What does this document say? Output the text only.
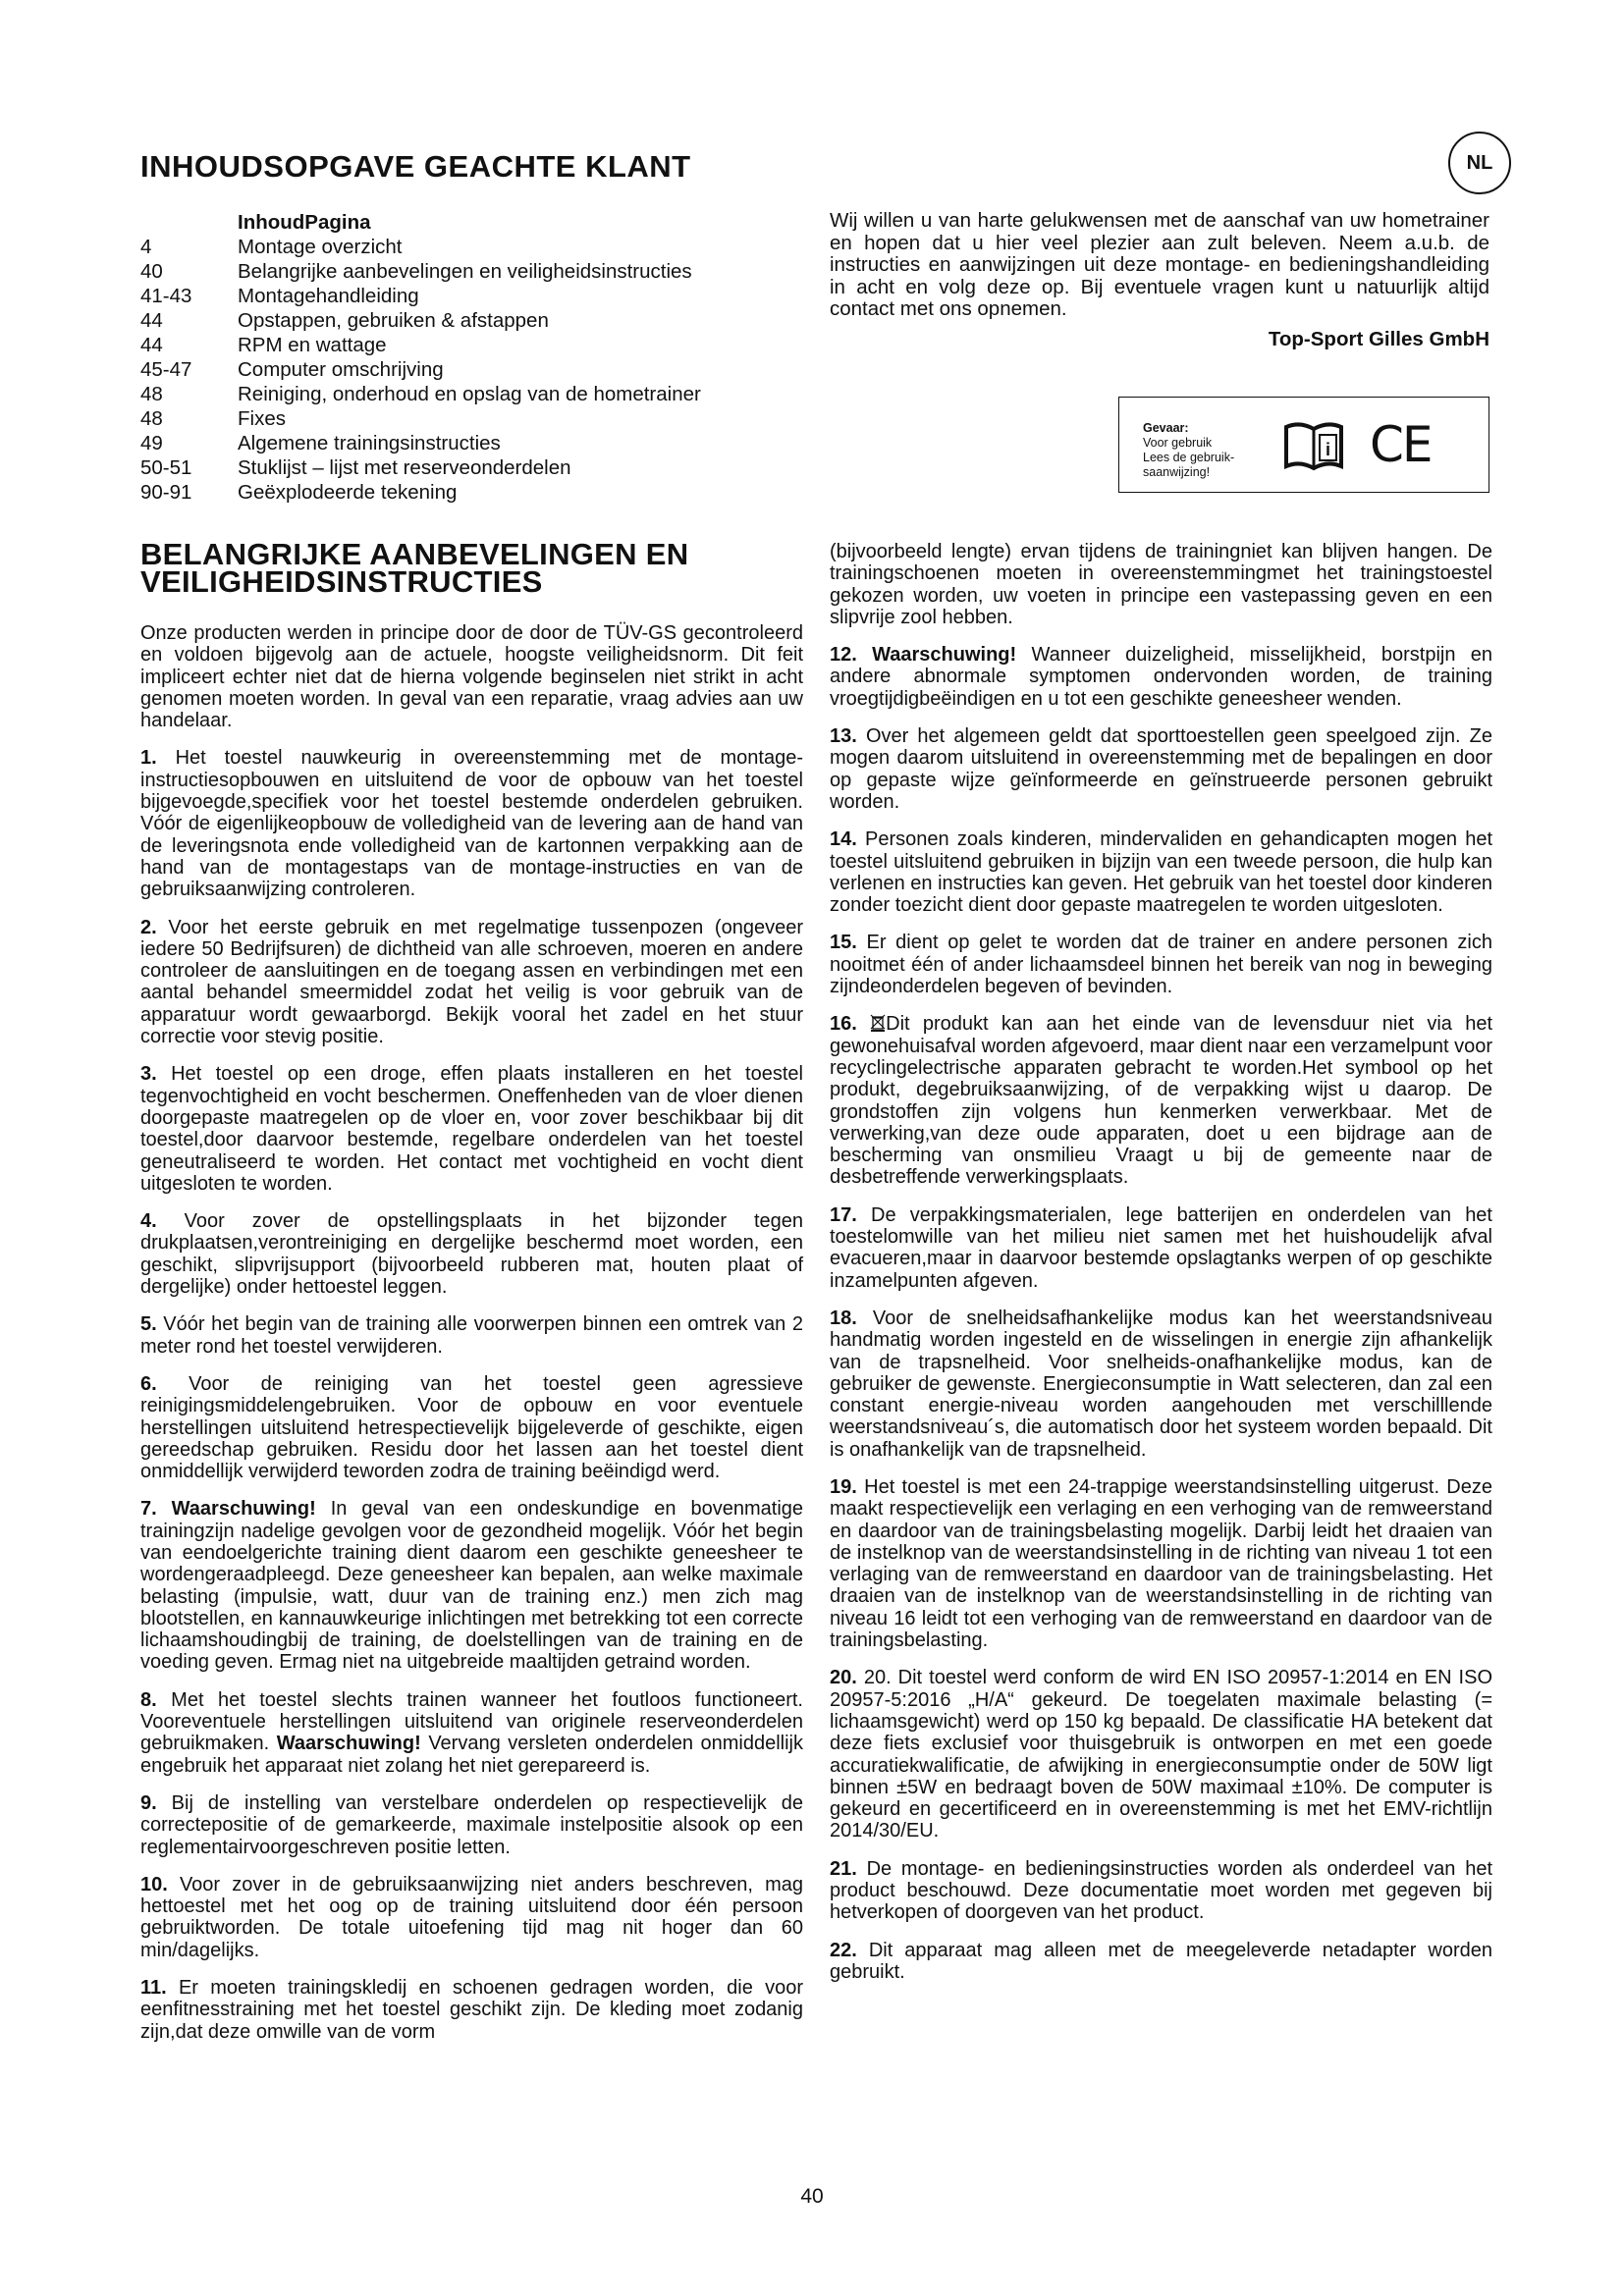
INHOUDSOPGAVE GEACHTE KLANT	NL
InhoudPagina
4	Montage overzicht
40	Belangrijke aanbevelingen en veiligheidsinstructies
41-43	Montagehandleiding
44	Opstappen, gebruiken & afstappen
44	RPM en wattage
45-47	Computer omschrijving
48	Reiniging, onderhoud en opslag van de hometrainer
48	Fixes
49	Algemene trainingsinstructies
50-51	Stuklijst – lijst met reserveonderdelen
90-91	Geëxplodeerde tekening

Wij willen u van harte gelukwensen met de aanschaf van uw hometrainer en hopen dat u hier veel plezier aan zult beleven. Neem a.u.b. de instructies en aanwijzingen uit deze montage- en bedieningshandleiding in acht en volg deze op. Bij eventuele vragen kunt u natuurlijk altijd contact met ons opnemen.

Top-Sport Gilles GmbH

Gevaar:
Voor gebruik
Lees de gebruik-
saanwijzing!
i CE
BELANGRIJKE AANBEVELINGEN EN
VEILIGHEIDSINSTRUCTIES

Onze producten werden in principe door de door de TÜV-GS gecontroleerd en voldoen bijgevolg aan de actuele, hoogste veiligheidsnorm. Dit feit impliceert echter niet dat de hierna volgende beginselen niet strikt in acht genomen moeten worden. In geval van een reparatie, vraag advies aan uw handelaar.

1. Het toestel nauwkeurig in overeenstemming met de montage-instructiesopbouwen en uitsluitend de voor de opbouw van het toestel bijgevoegde,specifiek voor het toestel bestemde onderdelen gebruiken. Vóór de eigenlijkeopbouw de volledigheid van de levering aan de hand van de leveringsnota ende volledigheid van de kartonnen verpakking aan de hand van de montagestaps van de montage-instructies en van de gebruiksaanwijzing controleren.

2. Voor het eerste gebruik en met regelmatige tussenpozen (ongeveer iedere 50 Bedrijfsuren) de dichtheid van alle schroeven, moeren en andere controleer de aansluitingen en de toegang assen en verbindingen met een aantal behandel smeermiddel zodat het veilig is voor gebruik van de apparatuur wordt gewaarborgd. Bekijk vooral het zadel en het stuur correctie voor stevig positie.

3. Het toestel op een droge, effen plaats installeren en het toestel tegenvochtigheid en vocht beschermen. Oneffenheden van de vloer dienen doorgepaste maatregelen op de vloer en, voor zover beschikbaar bij dit toestel,door daarvoor bestemde, regelbare onderdelen van het toestel geneutraliseerd te worden. Het contact met vochtigheid en vocht dient uitgesloten te worden.

4. Voor zover de opstellingsplaats in het bijzonder tegen drukplaatsen,verontreiniging en dergelijke beschermd moet worden, een geschikt, slipvrijsupport (bijvoorbeeld rubberen mat, houten plaat of dergelijke) onder hettoestel leggen.

5. Vóór het begin van de training alle voorwerpen binnen een omtrek van 2 meter rond het toestel verwijderen.

6. Voor de reiniging van het toestel geen agressieve reinigingsmiddelengebruiken. Voor de opbouw en voor eventuele herstellingen uitsluitend hetrespectievelijk bijgeleverde of geschikte, eigen gereedschap gebruiken. Residu door het lassen aan het toestel dient onmiddellijk verwijderd teworden zodra de training beëindigd werd.

7. Waarschuwing! In geval van een ondeskundige en bovenmatige trainingzijn nadelige gevolgen voor de gezondheid mogelijk. Vóór het begin van eendoelgerichte training dient daarom een geschikte geneesheer te wordengeraadpleegd. Deze geneesheer kan bepalen, aan welke maximale belasting (impulsie, watt, duur van de training enz.) men zich mag blootstellen, en kannauwkeurige inlichtingen met betrekking tot een correcte lichaamshoudingbij de training, de doelstellingen van de training en de voeding geven. Ermag niet na uitgebreide maaltijden getraind worden.

8. Met het toestel slechts trainen wanneer het foutloos functioneert. Vooreventuele herstellingen uitsluitend van originele reserveonderdelen gebruikmaken. Waarschuwing! Vervang versleten onderdelen onmiddellijk engebruik het apparaat niet zolang het niet gerepareerd is.

9. Bij de instelling van verstelbare onderdelen op respectievelijk de correctepositie of de gemarkeerde, maximale instelpositie alsook op een reglementairvoorgeschreven positie letten.

10. Voor zover in de gebruiksaanwijzing niet anders beschreven, mag hettoestel met het oog op de training uitsluitend door één persoon gebruiktworden. De totale uitoefening tijd mag nit hoger dan 60 min/dagelijks.

11. Er moeten trainingskledij en schoenen gedragen worden, die voor eenfitnesstraining met het toestel geschikt zijn. De kleding moet zodanig zijn,dat deze omwille van de vorm

(bijvoorbeeld lengte) ervan tijdens de trainingniet kan blijven hangen. De trainingschoenen moeten in overeenstemmingmet het trainingstoestel gekozen worden, uw voeten in principe een vastepassing geven en een slipvrije zool hebben.

12. Waarschuwing! Wanneer duizeligheid, misselijkheid, borstpijn en andere abnormale symptomen ondervonden worden, de training vroegtijdigbeëindigen en u tot een geschikte geneesheer wenden.

13. Over het algemeen geldt dat sporttoestellen geen speelgoed zijn. Ze mogen daarom uitsluitend in overeenstemming met de bepalingen en door op gepaste wijze geïnformeerde en geïnstrueerde personen gebruikt worden.

14. Personen zoals kinderen, mindervaliden en gehandicapten mogen het toestel uitsluitend gebruiken in bijzijn van een tweede persoon, die hulp kan verlenen en instructies kan geven. Het gebruik van het toestel door kinderen zonder toezicht dient door gepaste maatregelen te worden uitgesloten.

15. Er dient op gelet te worden dat de trainer en andere personen zich nooitmet één of ander lichaamsdeel binnen het bereik van nog in beweging zijndeonderdelen begeven of bevinden.

16. Dit produkt kan aan het einde van de levensduur niet via het gewonehuisafval worden afgevoerd, maar dient naar een verzamelpunt voor recyclingelectrische apparaten gebracht te worden.Het symbool op het produkt, degebruiksaanwijzing, of de verpakking wijst u daarop. De grondstoffen zijn volgens hun kenmerken verwerkbaar. Met de verwerking,van deze oude apparaten, doet u een bijdrage aan de bescherming van onsmilieu Vraagt u bij de gemeente naar de desbetreffende verwerkingsplaats.

17. De verpakkingsmaterialen, lege batterijen en onderdelen van het toestelomwille van het milieu niet samen met het huishoudelijk afval evacueren,maar in daarvoor bestemde opslagtanks werpen of op geschikte inzamelpunten afgeven.

18. Voor de snelheidsafhankelijke modus kan het weerstandsniveau handmatig worden ingesteld en de wisselingen in energie zijn afhankelijk van de trapsnelheid. Voor snelheids-onafhankelijke modus, kan de gebruiker de gewenste. Energieconsumptie in Watt selecteren, dan zal een constant energie-niveau worden aangehouden met verschilllende weerstandsniveau´s, die automatisch door het systeem worden bepaald. Dit is onafhankelijk van de trapsnelheid.

19. Het toestel is met een 24-trappige weerstandsinstelling uitgerust. Deze maakt respectievelijk een verlaging en een verhoging van de remweerstand en daardoor van de trainingsbelasting mogelijk. Darbij leidt het draaien van de instelknop van de weerstandsinstelling in de richting van niveau 1 tot een verlaging van de remweerstand en daardoor van de trainingsbelasting. Het draaien van de instelknop van de weerstandsinstelling in de richting van niveau 16 leidt tot een verhoging van de remweerstand en daardoor van de trainingsbelasting.

20. 20. Dit toestel werd conform de wird EN ISO 20957-1:2014 en EN ISO 20957-5:2016 „H/A“ gekeurd. De toegelaten maximale belasting (= lichaamsgewicht) werd op 150 kg bepaald. De classificatie HA betekent dat deze fiets exclusief voor thuisgebruik is ontworpen en met een goede accuratiekwalificatie, de afwijking in energieconsumptie onder de 50W ligt binnen ±5W en bedraagt boven de 50W maximaal ±10%. De computer is gekeurd en gecertificeerd en in overeenstemming is met het EMV-richtlijn 2014/30/EU.

21. De montage- en bedieningsinstructies worden als onderdeel van het product beschouwd. Deze documentatie moet worden met gegeven bij hetverkopen of doorgeven van het product.

22. Dit apparaat mag alleen met de meegeleverde netadapter worden gebruikt.

40
